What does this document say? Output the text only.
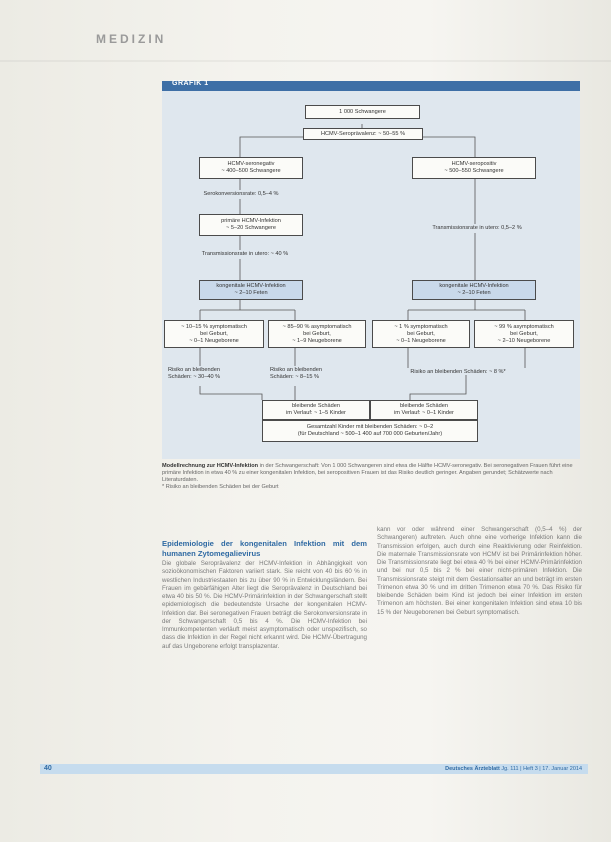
MEDIZIN
GRAFIK 1
1 000 Schwangere
HCMV-Seroprävalenz: ~ 50–55 %
HCMV-seronegativ
~ 400–500 Schwangere
HCMV-seropositiv
~ 500–550 Schwangere
Serokonversionsrate: 0,5–4 %
primäre HCMV-Infektion
~ 5–20 Schwangere
Transmissionsrate in utero: ~ 40 %
Transmissionsrate in utero: 0,5–2 %
kongenitale HCMV-Infektion
~ 2–10 Feten
kongenitale HCMV-Infektion
~ 2–10 Feten
~ 10–15 % symptomatisch
bei Geburt,
~ 0–1 Neugeborene
~ 85–90 % asymptomatisch
bei Geburt,
~ 1–9 Neugeborene
~ 1 % symptomatisch
bei Geburt,
~ 0–1 Neugeborene
~ 99 % asymptomatisch
bei Geburt,
~ 2–10 Neugeborene
Risiko an bleibenden
Schäden: ~ 30–40 %
Risiko an bleibenden
Schäden: ~ 8–15 %
Risiko an bleibenden Schäden: ~ 8 %*
bleibende Schäden
im Verlauf: ~ 1–5 Kinder
bleibende Schäden
im Verlauf: ~ 0–1 Kinder
Gesamtzahl Kinder mit bleibenden Schäden: ~ 0–2
(für Deutschland ~ 500–1 400 auf 700 000 Geburten/Jahr)
Modellrechnung zur HCMV-Infektion in der Schwangerschaft: Von 1 000 Schwangeren sind etwa die Hälfte HCMV-seronegativ. Bei seronegativen Frauen führt eine primäre Infektion in etwa 40 % zu einer kongenitalen Infektion, bei seropositiven Frauen ist das Risiko deutlich geringer. Angaben gerundet; Schätzwerte nach Literaturdaten.
* Risiko an bleibenden Schäden bei der Geburt
Epidemiologie der kongenitalen Infektion mit dem humanen Zytomegalievirus
Die globale Seroprävalenz der HCMV-Infektion in Abhängigkeit von sozioökonomischen Faktoren variiert stark. Sie reicht von 40 bis 60 % in westlichen Industriestaaten bis zu über 90 % in Entwicklungsländern. Bei Frauen im gebärfähigen Alter liegt die Seroprävalenz in Deutschland bei etwa 40 bis 50 %. Die HCMV-Primärinfektion in der Schwangerschaft stellt epidemiologisch die bedeutendste Ursache der kongenitalen HCMV-Infektion dar. Bei seronegativen Frauen beträgt die Serokonversionsrate in der Schwangerschaft 0,5 bis 4 %. Die HCMV-Infektion bei Immunkompetenten verläuft meist asymptomatisch oder unspezifisch, so dass die Infektion in der Regel nicht erkannt wird. Die HCMV-Übertragung auf das Ungeborene erfolgt transplazentar.
kann vor oder während einer Schwangerschaft (0,5–4 %) der Schwangeren) auftreten. Auch ohne eine vorherige Infektion kann die Transmission erfolgen, auch durch eine Reaktivierung oder Reinfektion. Die maternale Transmissionsrate von HCMV ist bei Primärinfektion höher. Die Transmissionsrate liegt bei etwa 40 % bei einer HCMV-Primärinfektion und bei nur 0,5 bis 2 % bei einer nicht-primären Infektion. Die Transmissionsrate steigt mit dem Gestationsalter an und beträgt im ersten Trimenon etwa 30 % und im dritten Trimenon etwa 70 %. Das Risiko für bleibende Schäden beim Kind ist jedoch bei einer Infektion im ersten Trimenon am höchsten. Bei einer kongenitalen Infektion sind etwa 10 bis 15 % der Neugeborenen bei Geburt symptomatisch.
40	Deutsches Ärzteblatt Jg. 111 | Heft 3 | 17. Januar 2014
